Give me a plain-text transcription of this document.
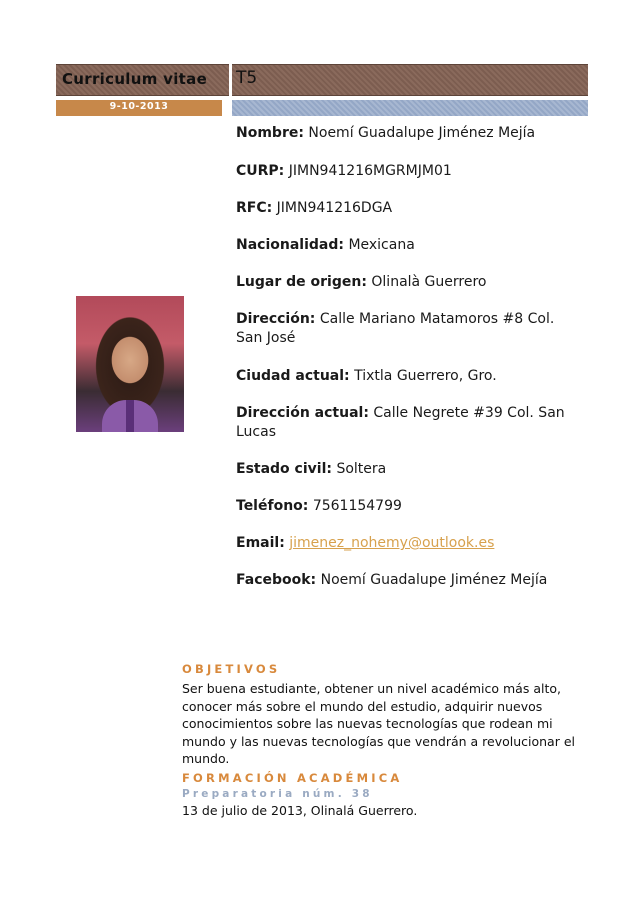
Curriculum vitae	T5
9-10-2013
Nombre: Noemí Guadalupe Jiménez Mejía
CURP: JIMN941216MGRMJM01
RFC: JIMN941216DGA
Nacionalidad: Mexicana
Lugar de origen: Olinalà Guerrero
Dirección: Calle Mariano Matamoros #8 Col. San José
Ciudad actual: Tixtla Guerrero, Gro.
Dirección actual: Calle Negrete #39 Col. San Lucas
Estado civil: Soltera
Teléfono: 7561154799
Email: jimenez_nohemy@outlook.es
Facebook: Noemí Guadalupe Jiménez Mejía
OBJETIVOS
Ser buena estudiante, obtener un nivel académico más alto, conocer más sobre el mundo del estudio, adquirir nuevos conocimientos sobre las nuevas tecnologías que rodean mi mundo y las nuevas tecnologías que vendrán a revolucionar el mundo.
FORMACIÓN ACADÉMICA
Preparatoria núm. 38
13 de julio de 2013, Olinalá Guerrero.
